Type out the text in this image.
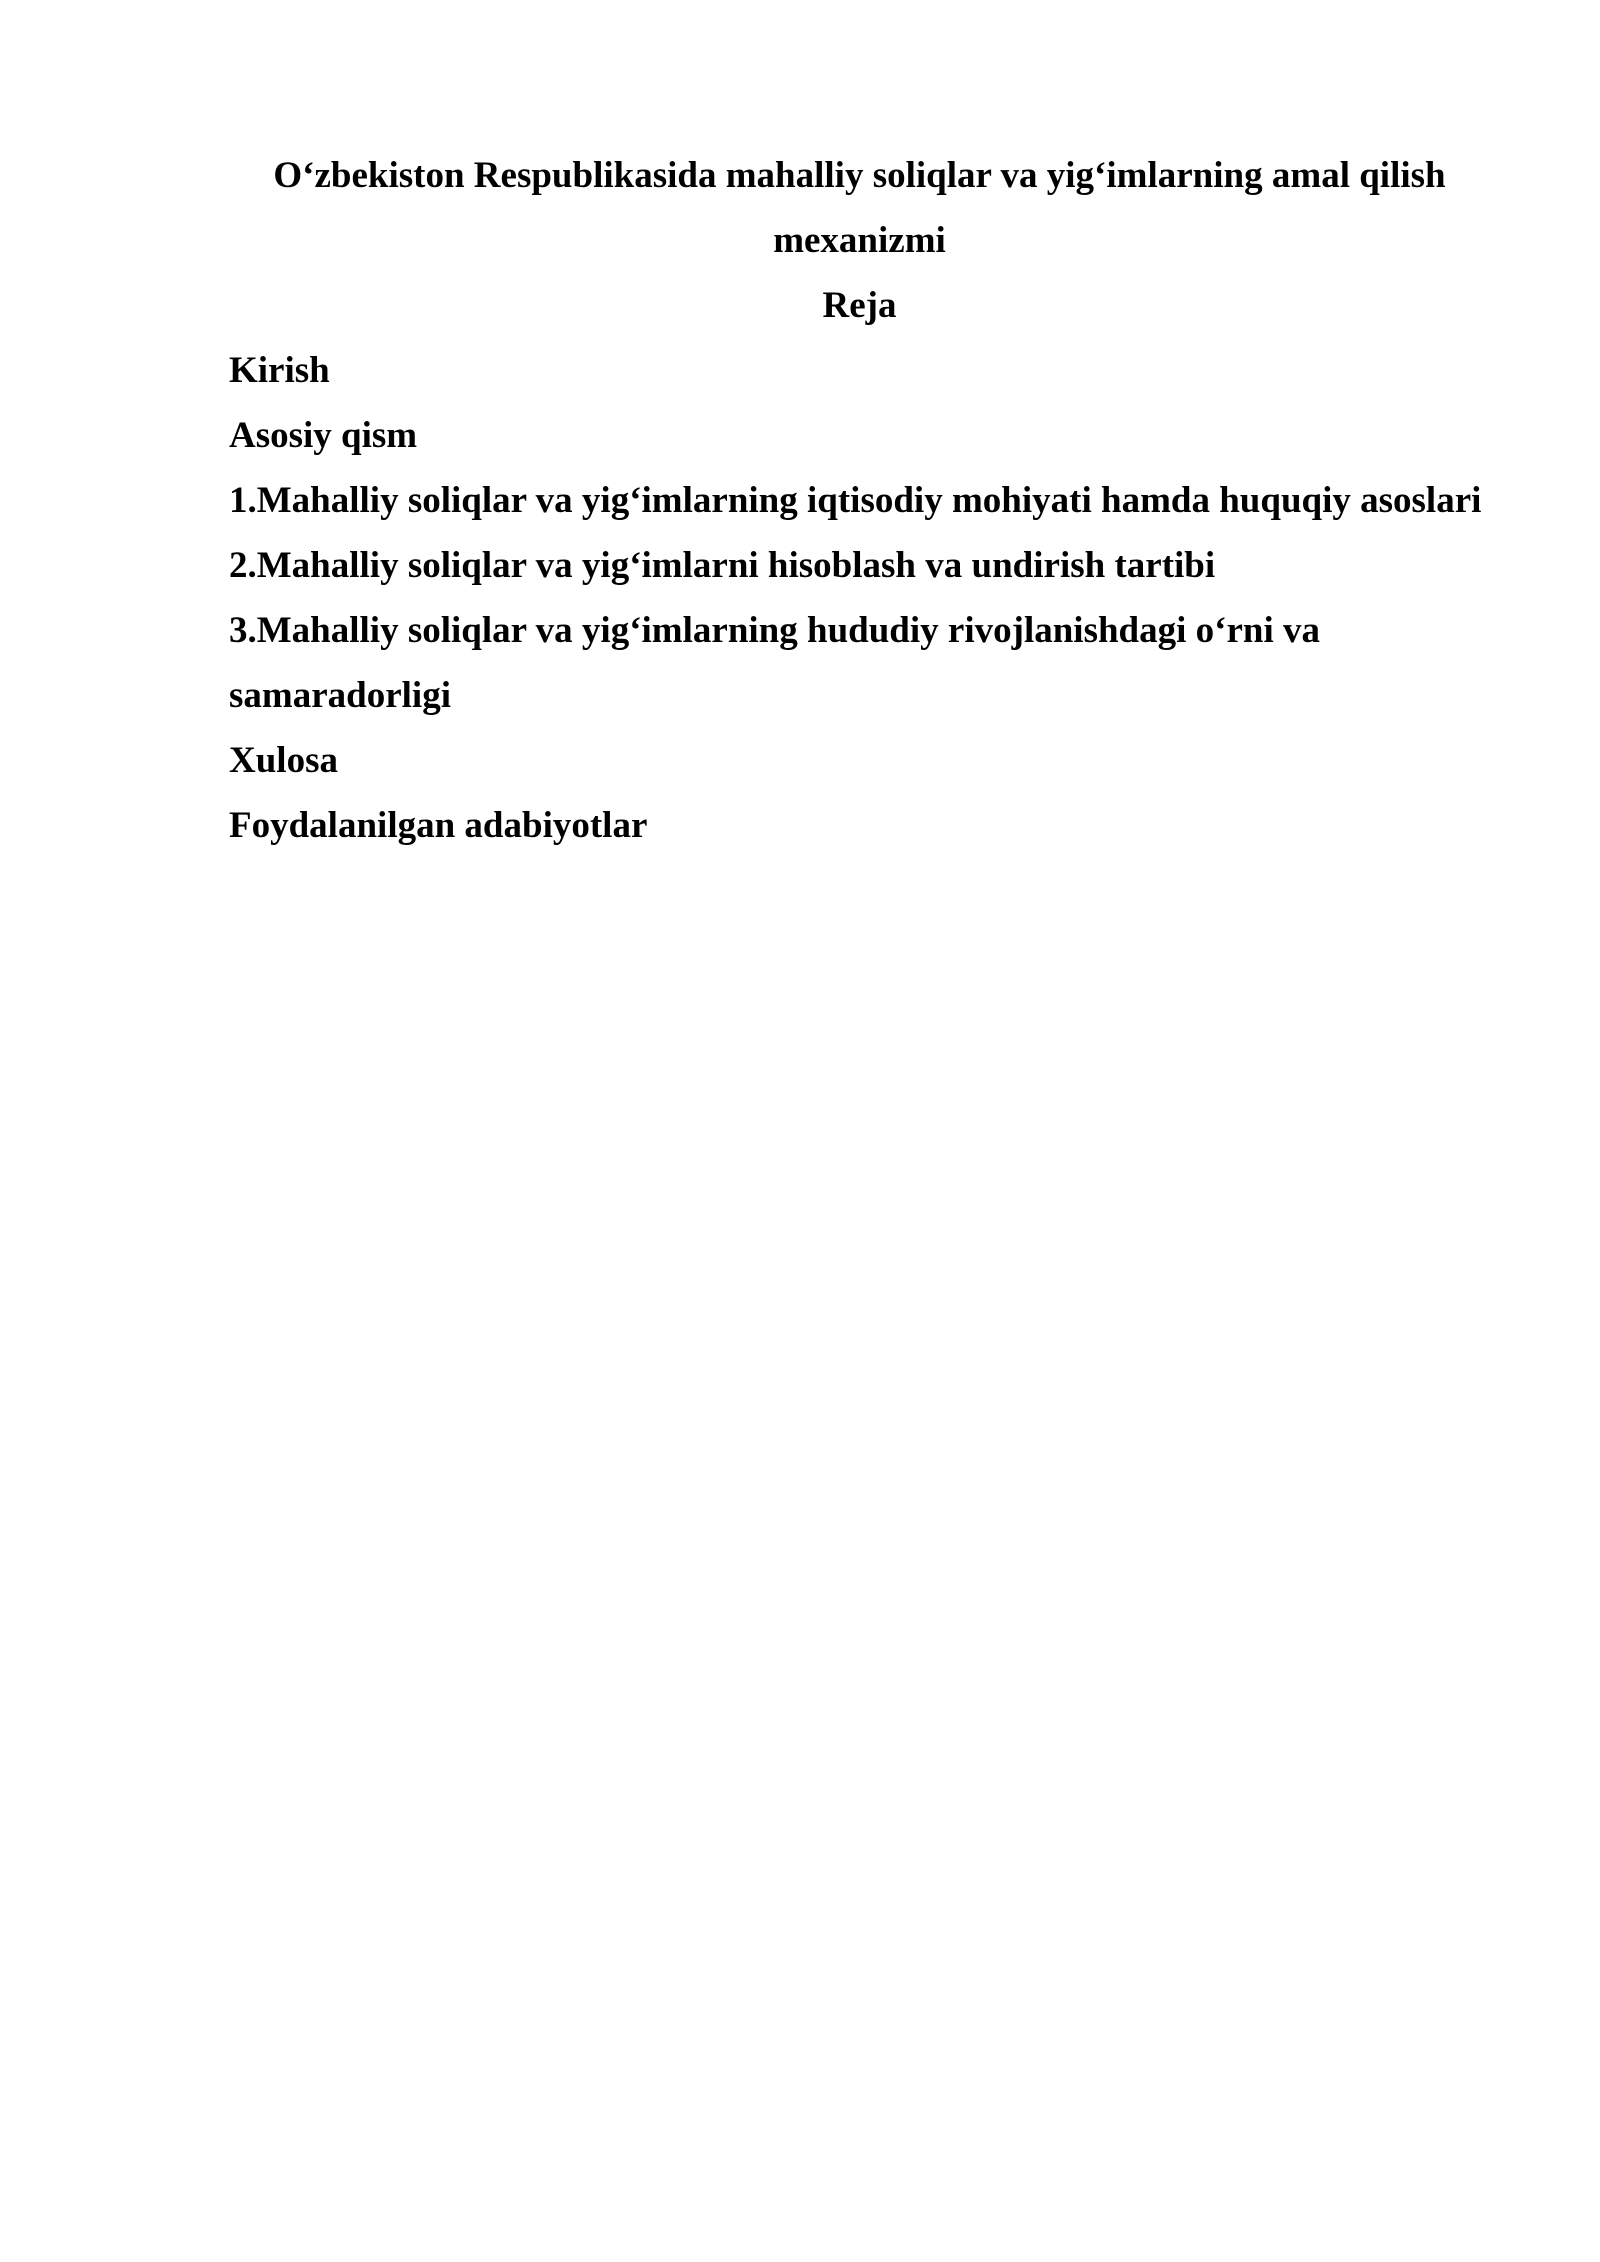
O‘zbekiston Respublikasida mahalliy soliqlar va yig‘imlarning amal qilish
mexanizmi
Reja
Kirish
Asosiy qism
1.Mahalliy soliqlar va yig‘imlarning iqtisodiy mohiyati hamda huquqiy asoslari
2.Mahalliy soliqlar va yig‘imlarni hisoblash va undirish tartibi
3.Mahalliy soliqlar va yig‘imlarning hududiy rivojlanishdagi o‘rni va samaradorligi
Xulosa
Foydalanilgan adabiyotlar
